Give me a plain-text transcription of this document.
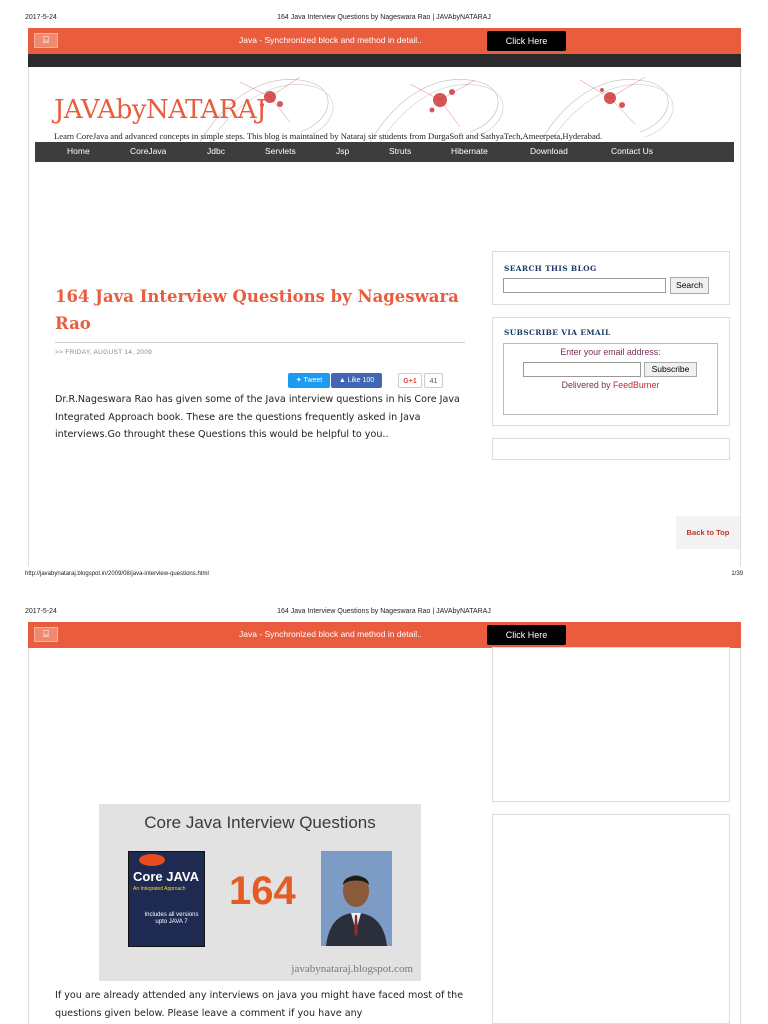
2017-5-24	164 Java Interview Questions by Nageswara Rao | JAVAbyNATARAJ
⌸	Java - Synchronized block and method in detail..	Click Here
JAVAbyNATARAJ
Learn CoreJava and advanced concepts in simple steps. This blog is maintained by Nataraj sir students from DurgaSoft and SathyaTech,Ameerpeta,Hyderabad.
Home	CoreJava	Jdbc	Servlets	Jsp	Struts	Hibernate	Download	Contact Us
164 Java Interview Questions by Nageswara Rao
>> FRIDAY, AUGUST 14, 2009
✦ Tweet	▲ Like 100	G+1	41

Dr.R.Nageswara Rao has given some of the Java interview questions in his Core Java Integrated Approach book. These are the questions frequently asked in Java interviews.Go throught these Questions this would be helpful to you..

SEARCH THIS BLOG
Search
SUBSCRIBE VIA EMAIL
Enter your email address:
Subscribe
Delivered by FeedBurner
Back to Top
http://javabynataraj.blogspot.in/2009/08/java-interview-questions.html	1/39
2017-5-24	164 Java Interview Questions by Nageswara Rao | JAVAbyNATARAJ
⌸	Java - Synchronized block and method in detail..	Click Here
Core Java Interview Questions
Core JAVA
An Integrated Approach
Includes all versions upto JAVA 7
164
javabynataraj.blogspot.com

If you are already attended any interviews on java you might have faced most of the questions given below. Please leave a comment if you have any
